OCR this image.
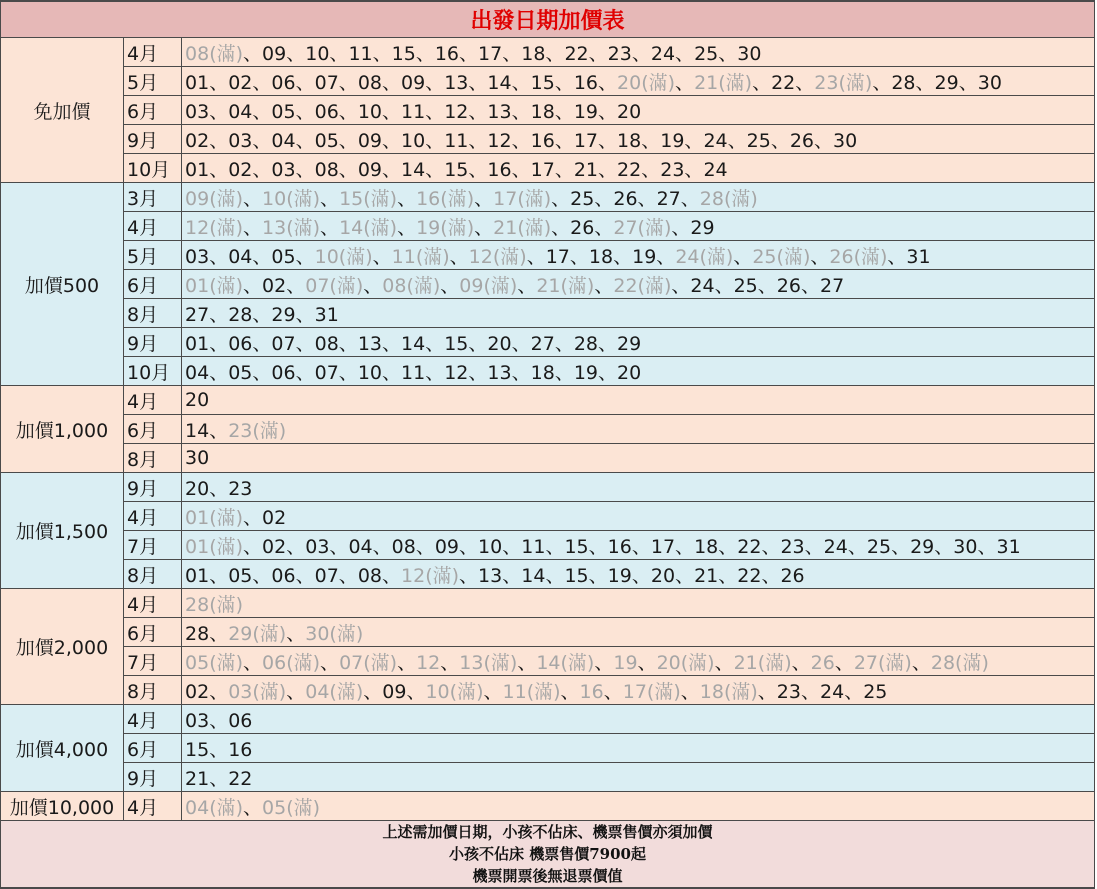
出發日期加價表		
免加價	4月	08(滿)、09、10、11、15、16、17、18、22、23、24、25、30
	5月	01、02、06、07、08、09、13、14、15、16、20(滿)、21(滿)、22、23(滿)、28、29、30
	6月	03、04、05、06、10、11、12、13、18、19、20
	9月	02、03、04、05、09、10、11、12、16、17、18、19、24、25、26、30
	10月	01、02、03、08、09、14、15、16、17、21、22、23、24
加價500	3月	09(滿)、10(滿)、15(滿)、16(滿)、17(滿)、25、26、27、28(滿)
	4月	12(滿)、13(滿)、14(滿)、19(滿)、21(滿)、26、27(滿)、29
	5月	03、04、05、10(滿)、11(滿)、12(滿)、17、18、19、24(滿)、25(滿)、26(滿)、31
	6月	01(滿)、02、07(滿)、08(滿)、09(滿)、21(滿)、22(滿)、24、25、26、27
	8月	27、28、29、31
	9月	01、06、07、08、13、14、15、20、27、28、29
	10月	04、05、06、07、10、11、12、13、18、19、20
加價1,000	4月	20
	6月	14、23(滿)
	8月	30
加價1,500	9月	20、23
	4月	01(滿)、02
	7月	01(滿)、02、03、04、08、09、10、11、15、16、17、18、22、23、24、25、29、30、31
	8月	01、05、06、07、08、12(滿)、13、14、15、19、20、21、22、26
加價2,000	4月	28(滿)
	6月	28、29(滿)、30(滿)
	7月	05(滿)、06(滿)、07(滿)、12、13(滿)、14(滿)、19、20(滿)、21(滿)、26、27(滿)、28(滿)
	8月	02、03(滿)、04(滿)、09、10(滿)、11(滿)、16、17(滿)、18(滿)、23、24、25
加價4,000	4月	03、06
	6月	15、16
	9月	21、22
加價10,000	4月	04(滿)、05(滿)

上述需加價日期，小孩不佔床、機票售價亦須加價
小孩不佔床 機票售價7900起
機票開票後無退票價值		
